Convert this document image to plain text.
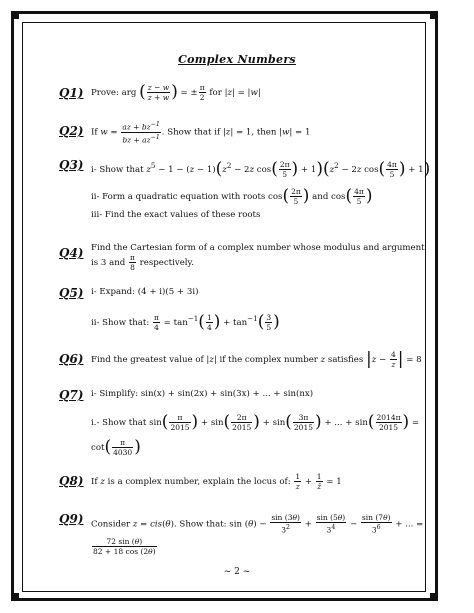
Complex Numbers
Q1) Prove: arg ( $\frac{z - w}{z + w}$ ) = ± $\frac{\pi}{2}$ for |z| = |w|
Q2) If $w = \frac{az + bz^{-1}}{bz + az^{-1}}$ . Show that if |z| = 1, then |w| = 1
Q3) i- Show that $z^5 - 1 - (z - 1)(z^2 - 2z$ $\cos( \frac{2\pi}{5}$ ) + $1)(z^2 - 2z$ $\cos( \frac{4\pi}{5}$ ) + 1)
ii- Form a quadratic equation with roots $\cos( \frac{2\pi}{5}$ ) and $\cos( \frac{4\pi}{5}$ )
iii- Find the exact values of these roots
Q4) Find the Cartesian form of a complex number whose modulus and argument
is 3 and $\frac{\pi}{8}$ respectively.
Q5) i- Expand: (4 + i)(5 + 3i)
ii- Show that: $\frac{\pi}{4} = \tan^{-1}( \frac{1}{4}$ ) + $\tan^{-1}( \frac{3}{5}$ )
Q6) Find the greatest value of |z| if the complex number z satisfies $|z - \frac{4}{z}$ | = 8
Q7) i- Simplify: sin(x) + sin(2x) + sin(3x) + ... + sin(nx)
i.- Show that $\sin( \frac{\pi}{2015}$ ) + $\sin( \frac{2\pi}{2015}$ ) + $\sin( \frac{3\pi}{2015}$ ) + ... + $\sin( \frac{2014\pi}{2015}$ ) =
$\cot( \frac{\pi}{4030}$ )
Q8) If z is a complex number, explain the locus of: $\frac{1}{z} + \frac{1}{z̄} = 1$
Q9) Consider z = cis(θ). Show that: $\sin (\theta) - \frac{\sin (3\theta)}{3^2} + \frac{\sin (5\theta)}{3^4} - \frac{\sin (7\theta)}{3^6}$ + ... =
$\frac{72 \sin (\theta)}{82 + 18 \cos (2\theta)}$
~ 2 ~
